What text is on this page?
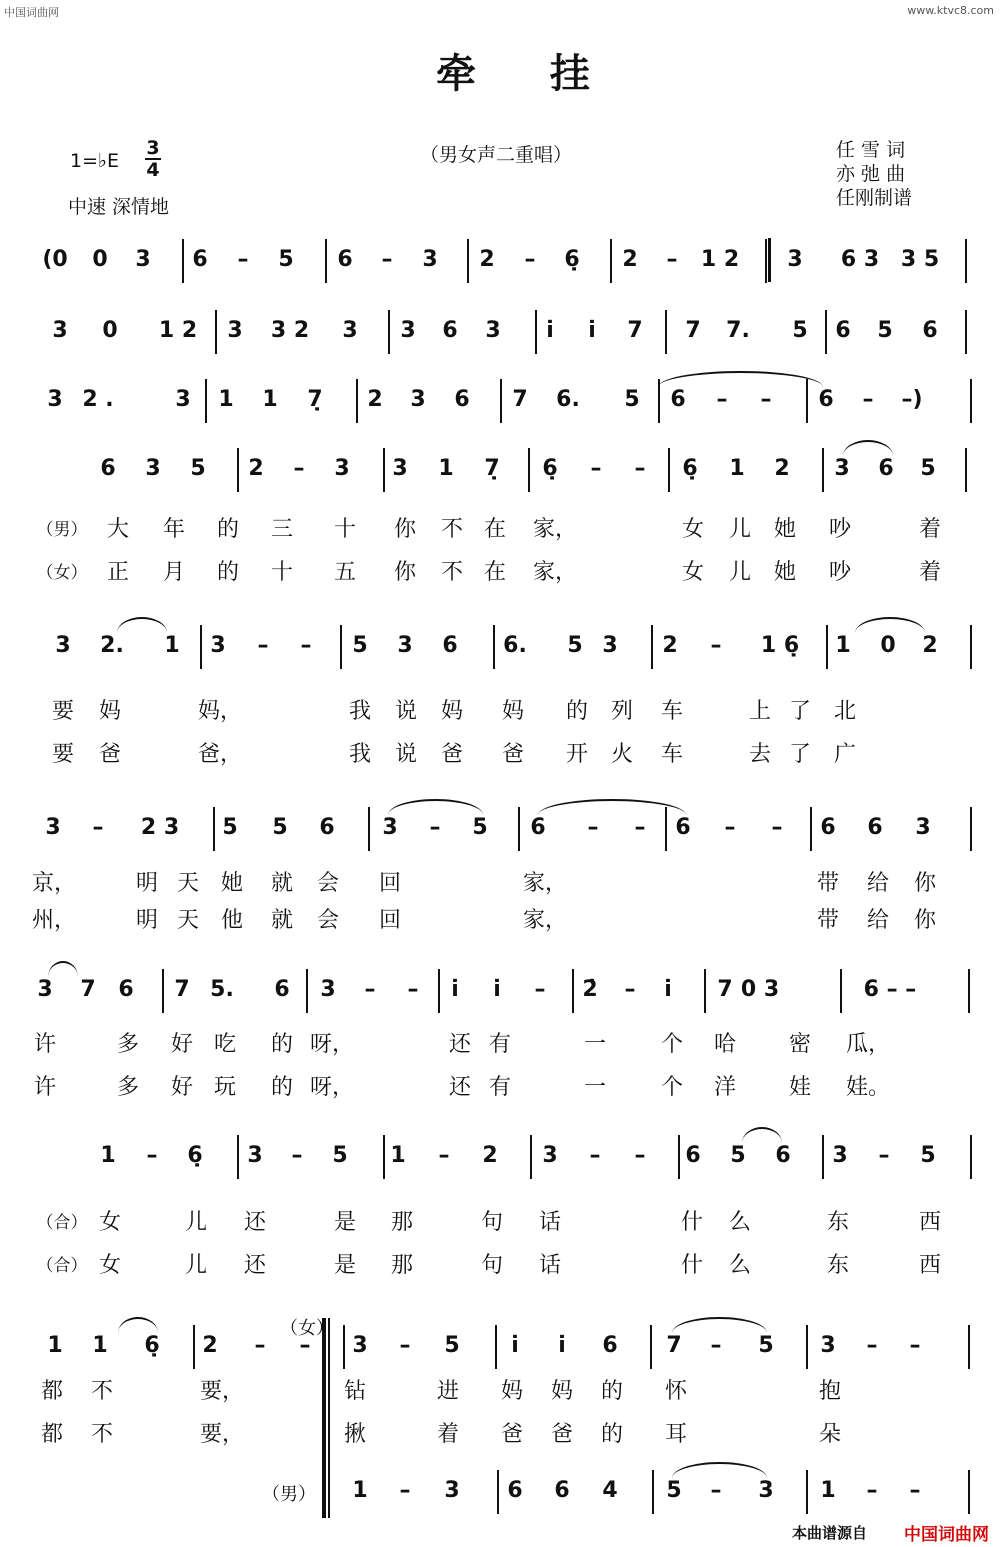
中国词曲网	www.ktvc8.com
牵 挂
1=♭E
3
4
中速 深情地
（男女声二重唱）	任 雪 词
亦 弛 曲
任刚制谱
(0 0 3 6 – 5 6 – 3 2 – 6̣ 2 – 1 2 3 6 3 3 5
3 0 1 2 3 3 2 3 3 6 3 i̇ i̇ 7 7 7. 5 6 5 6
3 2 .	3 1 1 7̣ 2 3 6 7 6. 5 6 – – 6 – –)
6 3 5 2 – 3 3 1 7̣ 6̣ – – 6̣ 1 2 3 6 5
3 2. 1 3 – – 5 3 6 6. 5 3 2 – 1 6̣ 1 0 2
3 – 2 3 5 5 6 3 – 5 6 – – 6 – – 6 6 3
3 7 6 7 5. 6 3 – – i̇ i̇ – 2̇ – i̇ 7 0 3	6 – –
1 – 6̣ 3 – 5 1 – 2 3 – – 6 5 6 3 – 5
1 1 6̣ 2 – – 3 – 5 i̇ i̇ 6 7 – 5 3 – –
1 – 3 6 6 4 5 – 3 1 – –
（男） 大 年 的 三 十 你 不 在 家，	女 儿 她 吵	着
（女） 正 月 的 十 五 你 不 在 家，	女 儿 她 吵	着
要 妈	妈，	我 说 妈 妈 的 列 车	上 了 北
要 爸	爸，	我 说 爸 爸 开 火 车	去 了 广
京，	明 天 她 就 会 回	家，	带 给 你
州，	明 天 他 就 会 回	家，	带 给 你
许	多 好 吃 的 呀，	还 有	一 个 哈 密 瓜，
许	多 好 玩 的 呀，	还 有	一 个 洋 娃 娃。
（合） 女	儿 还	是 那	句 话	什 么	东	西
（合） 女	儿 还	是 那	句 话	什 么	东	西
都 不	要，	钻	进 妈 妈 的 怀	抱
都 不	要，	揪	着 爸 爸 的 耳	朵
（女）
（男）
本曲谱源自 中国词曲网
